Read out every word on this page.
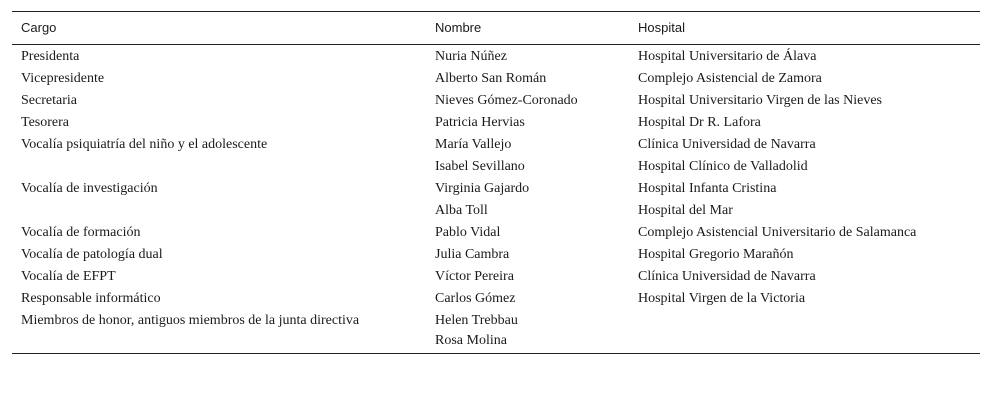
Cargo	Nombre	Hospital
Presidenta	Nuria Núñez	Hospital Universitario de Álava

Vicepresidente	Alberto San Román	Complejo Asistencial de Zamora

Secretaria	Nieves Gómez-Coronado	Hospital Universitario Virgen de las Nieves

Tesorera	Patricia Hervias	Hospital Dr R. Lafora

Vocalía psiquiatría del niño y el adolescente	María Vallejo	Clínica Universidad de Navarra

	Isabel Sevillano	Hospital Clínico de Valladolid

Vocalía de investigación	Virginia Gajardo	Hospital Infanta Cristina

	Alba Toll	Hospital del Mar

Vocalía de formación	Pablo Vidal	Complejo Asistencial Universitario de Salamanca

Vocalía de patología dual	Julia Cambra	Hospital Gregorio Marañón

Vocalía de EFPT	Víctor Pereira	Clínica Universidad de Navarra

Responsable informático	Carlos Gómez	Hospital Virgen de la Victoria

Miembros de honor, antiguos miembros de la junta directiva	Helen Trebbau
Rosa Molina	
